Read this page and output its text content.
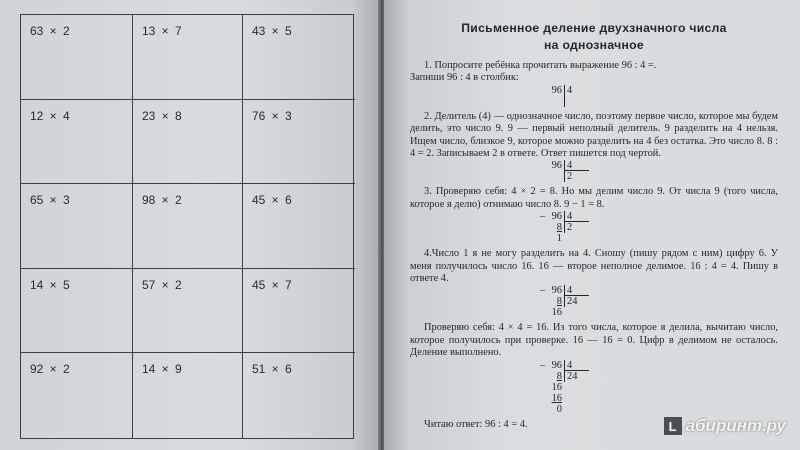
63 × 2	13 × 7	43 × 5
12 × 4	23 × 8	76 × 3
65 × 3	98 × 2	45 × 6
14 × 5	57 × 2	45 × 7
92 × 2	14 × 9	51 × 6
Письменное деление двухзначного числа
на однозначное

1. Попросите ребёнка прочитать выражение 96 : 4 =.

Запиши 96 : 4 в столбик:

96 4

2. Делитель (4) — однозначное число, поэтому первое число, которое мы будем делить, это число 9. 9 — первый неполный делитель. 9 разделить на 4 нельзя. Ищем число, близкое 9, которое можно разделить на 4 без остатка. Это число 8. 8 : 4 = 2. Записываем 2 в ответе. Ответ пишется под чертой.

96 4
2

3. Проверяю себя: 4 × 2 = 8. Но мы делим число 9. От числа 9 (того числа, которое я делю) отнимаю число 8. 9 − 1 = 8.

_ 96 4
8 2
1

4.Число 1 я не могу разделить на 4. Сношу (пишу рядом с ним) цифру 6. У меня получилось число 16. 16 — второе неполное делимое. 16 : 4 = 4. Пишу в ответе 4.

_ 96 4
8 24
16

Проверяю себя: 4 × 4 = 16. Из того числа, которое я делила, вычитаю число, которое получилось при проверке. 16 — 16 = 0. Цифр в делимом не осталось. Деление выполнено.

_ 96 4
8 24
16
16
0

Читаю ответ: 96 : 4 = 4.	L абиринт.ру
